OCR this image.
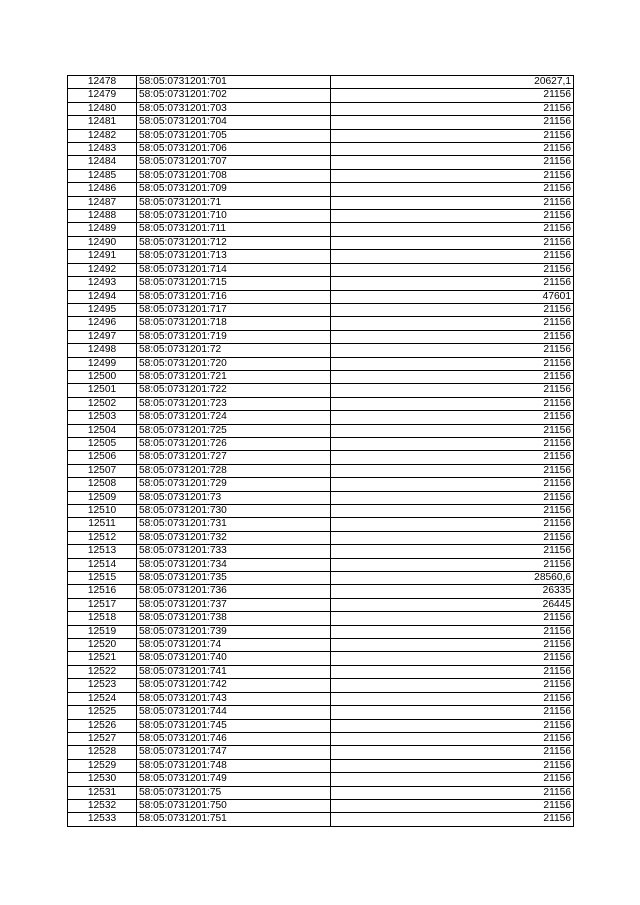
12478	58:05:0731201:701	20627,1
12479	58:05:0731201:702	21156
12480	58:05:0731201:703	21156
12481	58:05:0731201:704	21156
12482	58:05:0731201:705	21156
12483	58:05:0731201:706	21156
12484	58:05:0731201:707	21156
12485	58:05:0731201:708	21156
12486	58:05:0731201:709	21156
12487	58:05:0731201:71	21156
12488	58:05:0731201:710	21156
12489	58:05:0731201:711	21156
12490	58:05:0731201:712	21156
12491	58:05:0731201:713	21156
12492	58:05:0731201:714	21156
12493	58:05:0731201:715	21156
12494	58:05:0731201:716	47601
12495	58:05:0731201:717	21156
12496	58:05:0731201:718	21156
12497	58:05:0731201:719	21156
12498	58:05:0731201:72	21156
12499	58:05:0731201:720	21156
12500	58:05:0731201:721	21156
12501	58:05:0731201:722	21156
12502	58:05:0731201:723	21156
12503	58:05:0731201:724	21156
12504	58:05:0731201:725	21156
12505	58:05:0731201:726	21156
12506	58:05:0731201:727	21156
12507	58:05:0731201:728	21156
12508	58:05:0731201:729	21156
12509	58:05:0731201:73	21156
12510	58:05:0731201:730	21156
12511	58:05:0731201:731	21156
12512	58:05:0731201:732	21156
12513	58:05:0731201:733	21156
12514	58:05:0731201:734	21156
12515	58:05:0731201:735	28560,6
12516	58:05:0731201:736	26335
12517	58:05:0731201:737	26445
12518	58:05:0731201:738	21156
12519	58:05:0731201:739	21156
12520	58:05:0731201:74	21156
12521	58:05:0731201:740	21156
12522	58:05:0731201:741	21156
12523	58:05:0731201:742	21156
12524	58:05:0731201:743	21156
12525	58:05:0731201:744	21156
12526	58:05:0731201:745	21156
12527	58:05:0731201:746	21156
12528	58:05:0731201:747	21156
12529	58:05:0731201:748	21156
12530	58:05:0731201:749	21156
12531	58:05:0731201:75	21156
12532	58:05:0731201:750	21156
12533	58:05:0731201:751	21156
